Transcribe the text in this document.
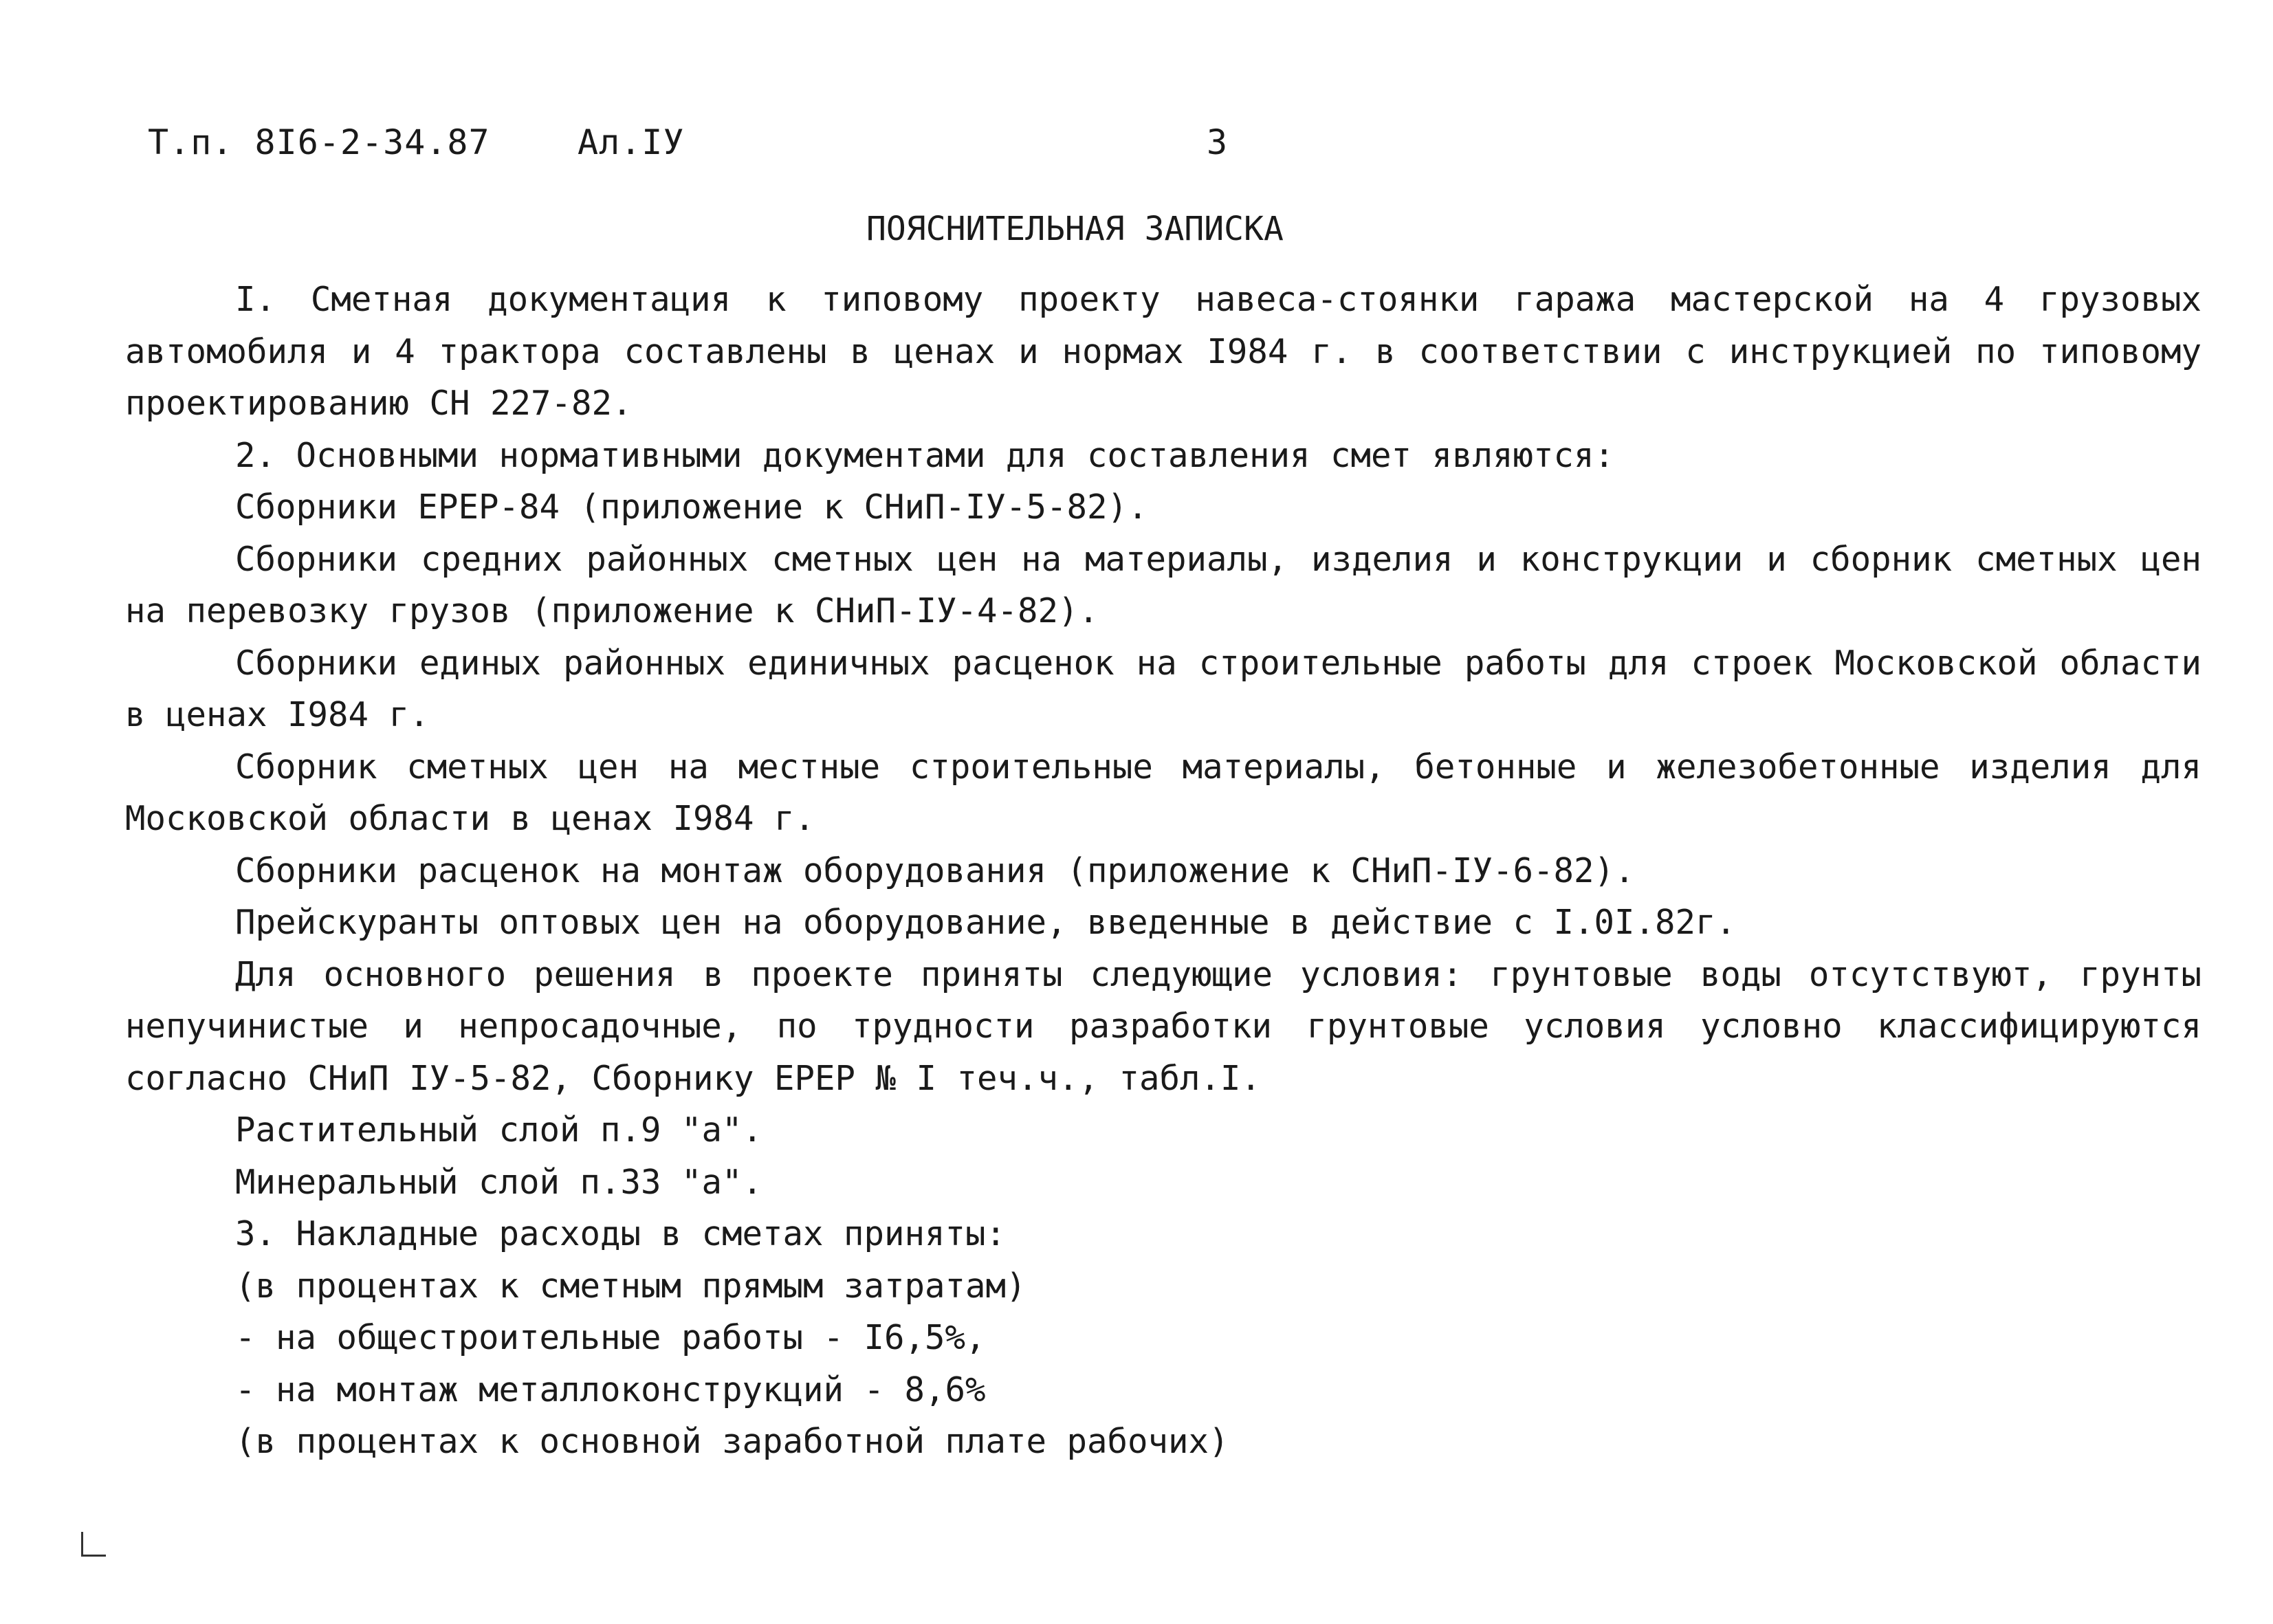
Т.п. 8I6-2-34.87	Ал.IУ	3
ПОЯСНИТЕЛЬНАЯ ЗАПИСКА

I. Сметная документация к типовому проекту навеса-стоянки гаража мастерской на 4 грузовых автомобиля и 4 трактора составлены в ценах и нормах I984 г. в соответствии с инструкцией по типовому проектированию СН 227-82.

2. Основными нормативными документами для составления смет являются:

Сборники ЕРЕР-84 (приложение к СНиП-IУ-5-82).

Сборники средних районных сметных цен на материалы, изделия и конструкции и сборник сметных цен на перевозку грузов (приложение к СНиП-IУ-4-82).

Сборники единых районных единичных расценок на строительные работы для строек Московской области в ценах I984 г.

Сборник сметных цен на местные строительные материалы, бетонные и железобетонные изделия для Московской области в ценах I984 г.

Сборники расценок на монтаж оборудования (приложение к СНиП-IУ-6-82).

Прейскуранты оптовых цен на оборудование, введенные в действие с I.0I.82г.

Для основного решения в проекте приняты следующие условия: грунтовые воды отсутствуют, грунты непучинистые и непросадочные, по трудности разработки грунтовые условия условно классифицируются согласно СНиП IУ-5-82, Сборнику ЕРЕР № I теч.ч., табл.I.

Растительный слой п.9 "а".

Минеральный слой п.33 "а".

3. Накладные расходы в сметах приняты:

(в процентах к сметным прямым затратам)

- на общестроительные работы - I6,5%,

- на монтаж металлоконструкций - 8,6%

(в процентах к основной заработной плате рабочих)
